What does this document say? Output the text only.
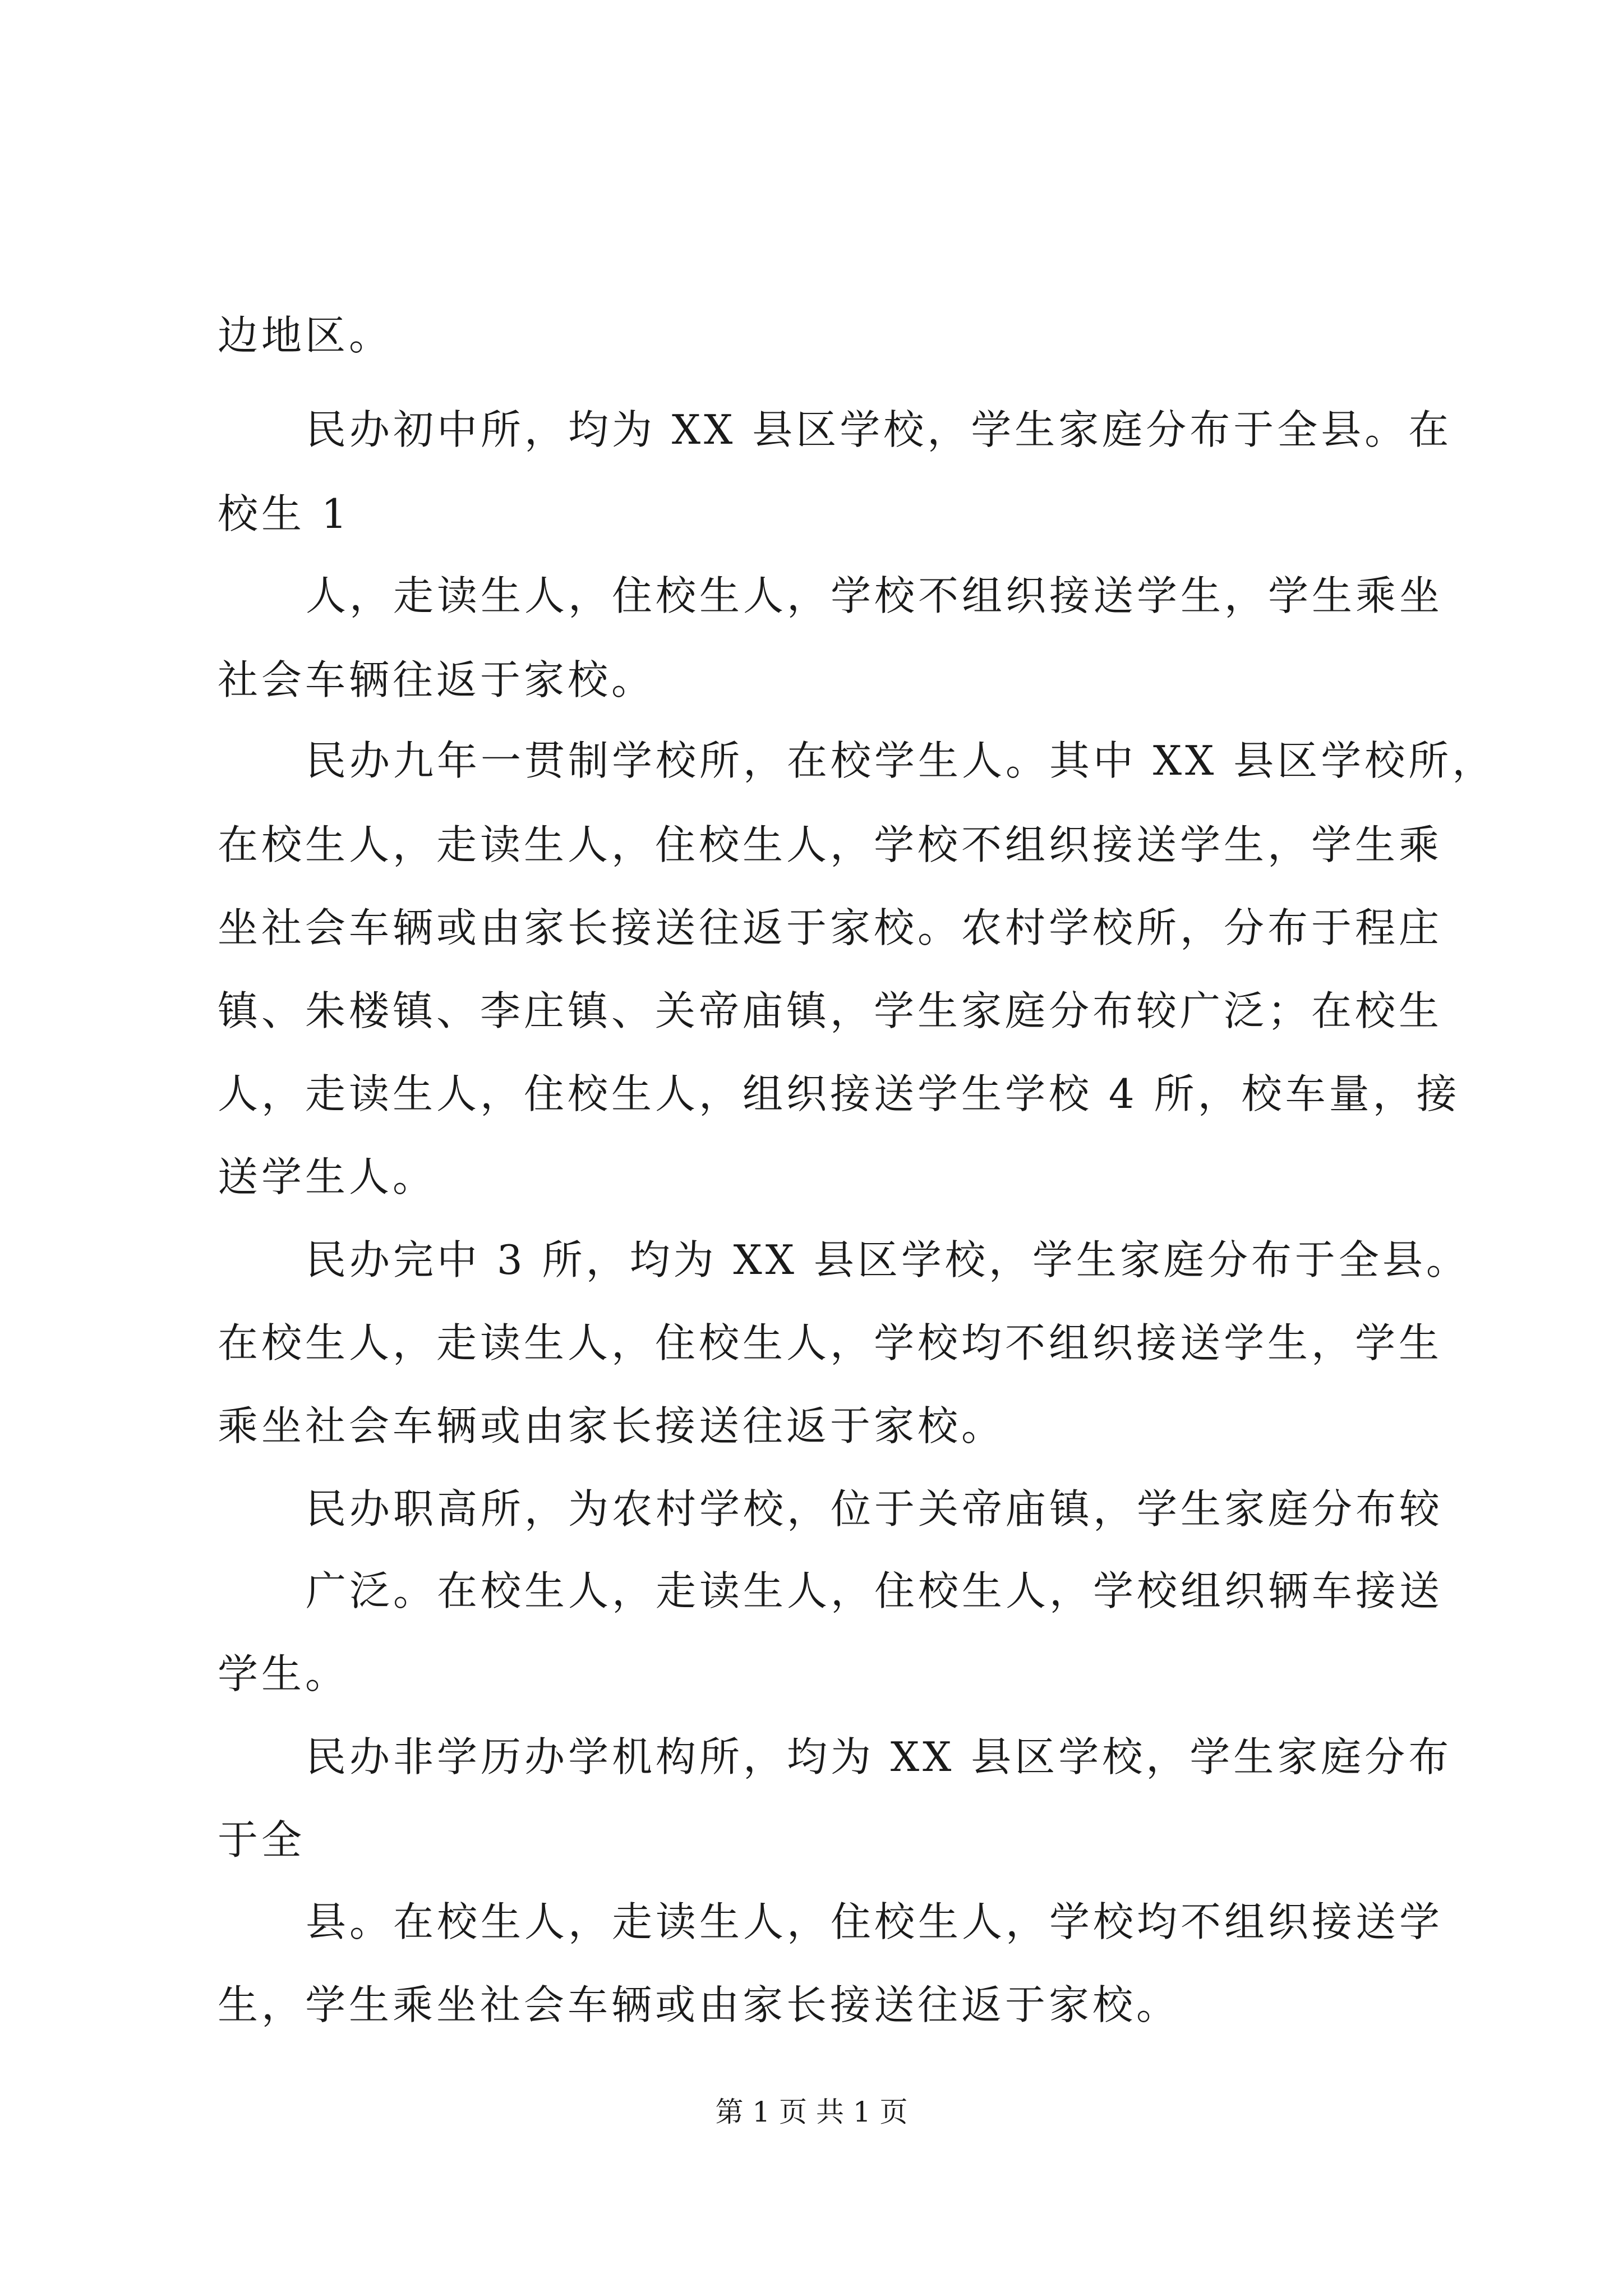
边地区。
民办初中所，均为 XX 县区学校，学生家庭分布于全县。在
校生 1
人，走读生人，住校生人，学校不组织接送学生，学生乘坐
社会车辆往返于家校。
民办九年一贯制学校所，在校学生人。其中 XX 县区学校所，
在校生人，走读生人，住校生人，学校不组织接送学生，学生乘
坐社会车辆或由家长接送往返于家校。农村学校所，分布于程庄
镇、朱楼镇、李庄镇、关帝庙镇，学生家庭分布较广泛；在校生
人，走读生人，住校生人，组织接送学生学校 4 所，校车量，接
送学生人。
民办完中 3 所，均为 XX 县区学校，学生家庭分布于全县。
在校生人，走读生人，住校生人，学校均不组织接送学生，学生
乘坐社会车辆或由家长接送往返于家校。
民办职高所，为农村学校，位于关帝庙镇，学生家庭分布较
广泛。在校生人，走读生人，住校生人，学校组织辆车接送
学生。
民办非学历办学机构所，均为 XX 县区学校，学生家庭分布
于全
县。在校生人，走读生人，住校生人，学校均不组织接送学
生，学生乘坐社会车辆或由家长接送往返于家校。
第 1 页 共 1 页
